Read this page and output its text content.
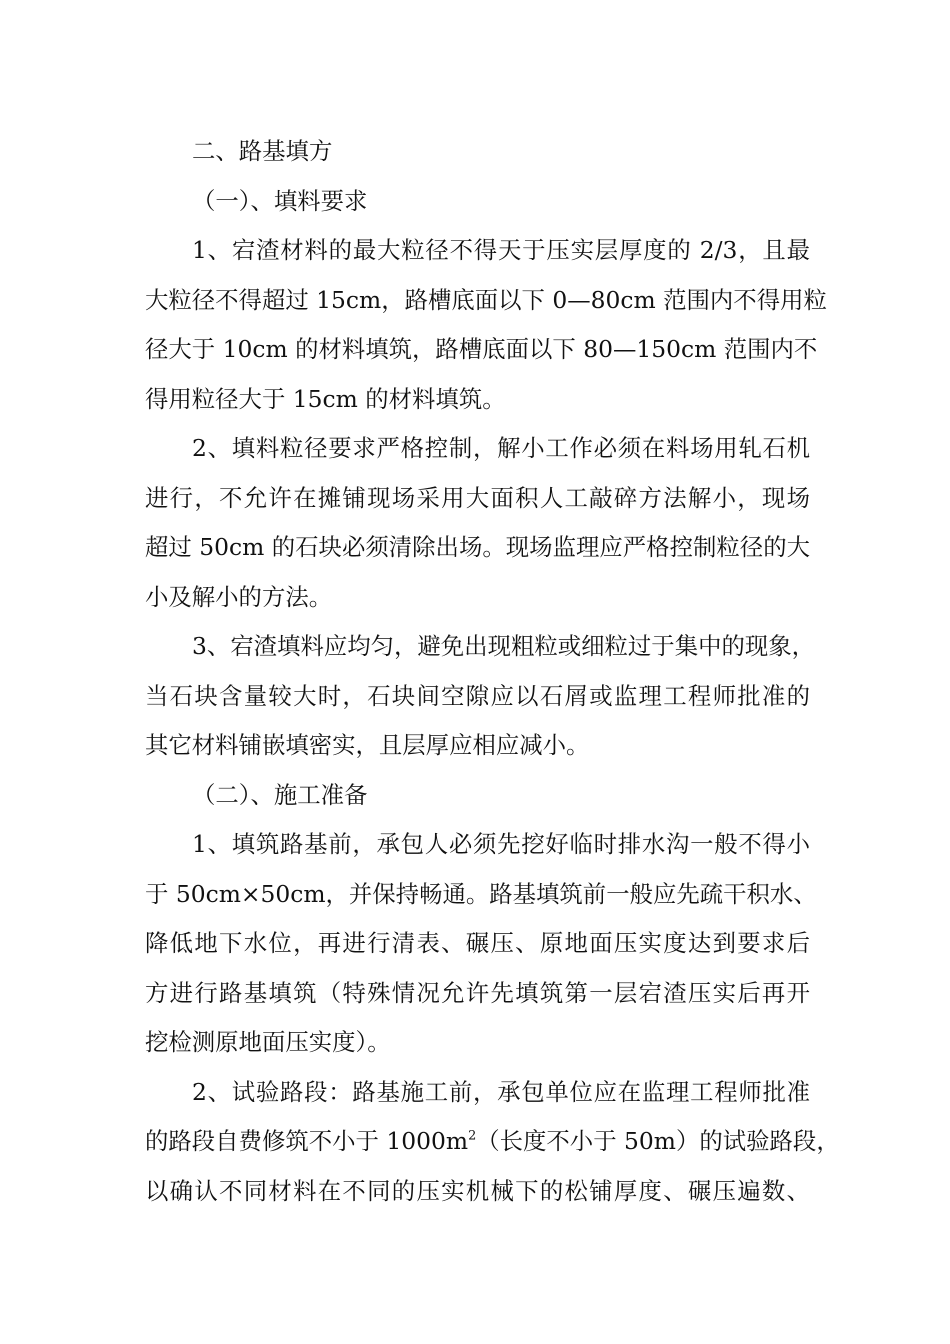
二、路基填方
（一）、填料要求
1、宕渣材料的最大粒径不得天于压实层厚度的 2/3，且最
大粒径不得超过 15cm，路槽底面以下 0—80cm 范围内不得用粒
径大于 10cm 的材料填筑，路槽底面以下 80—150cm 范围内不
得用粒径大于 15cm 的材料填筑。
2、填料粒径要求严格控制，解小工作必须在料场用轧石机
进行，不允许在摊铺现场采用大面积人工敲碎方法解小，现场
超过 50cm 的石块必须清除出场。现场监理应严格控制粒径的大
小及解小的方法。
3、宕渣填料应均匀，避免出现粗粒或细粒过于集中的现象，
当石块含量较大时，石块间空隙应以石屑或监理工程师批准的
其它材料铺嵌填密实，且层厚应相应减小。
（二）、施工准备
1、填筑路基前，承包人必须先挖好临时排水沟一般不得小
于 50cm×50cm，并保持畅通。路基填筑前一般应先疏干积水、
降低地下水位，再进行清表、碾压、原地面压实度达到要求后
方进行路基填筑（特殊情况允许先填筑第一层宕渣压实后再开
挖检测原地面压实度）。
2、试验路段：路基施工前，承包单位应在监理工程师批准
的路段自费修筑不小于 $1000m^2$（长度不小于 50m）的试验路段，
以确认不同材料在不同的压实机械下的松铺厚度、碾压遍数、
